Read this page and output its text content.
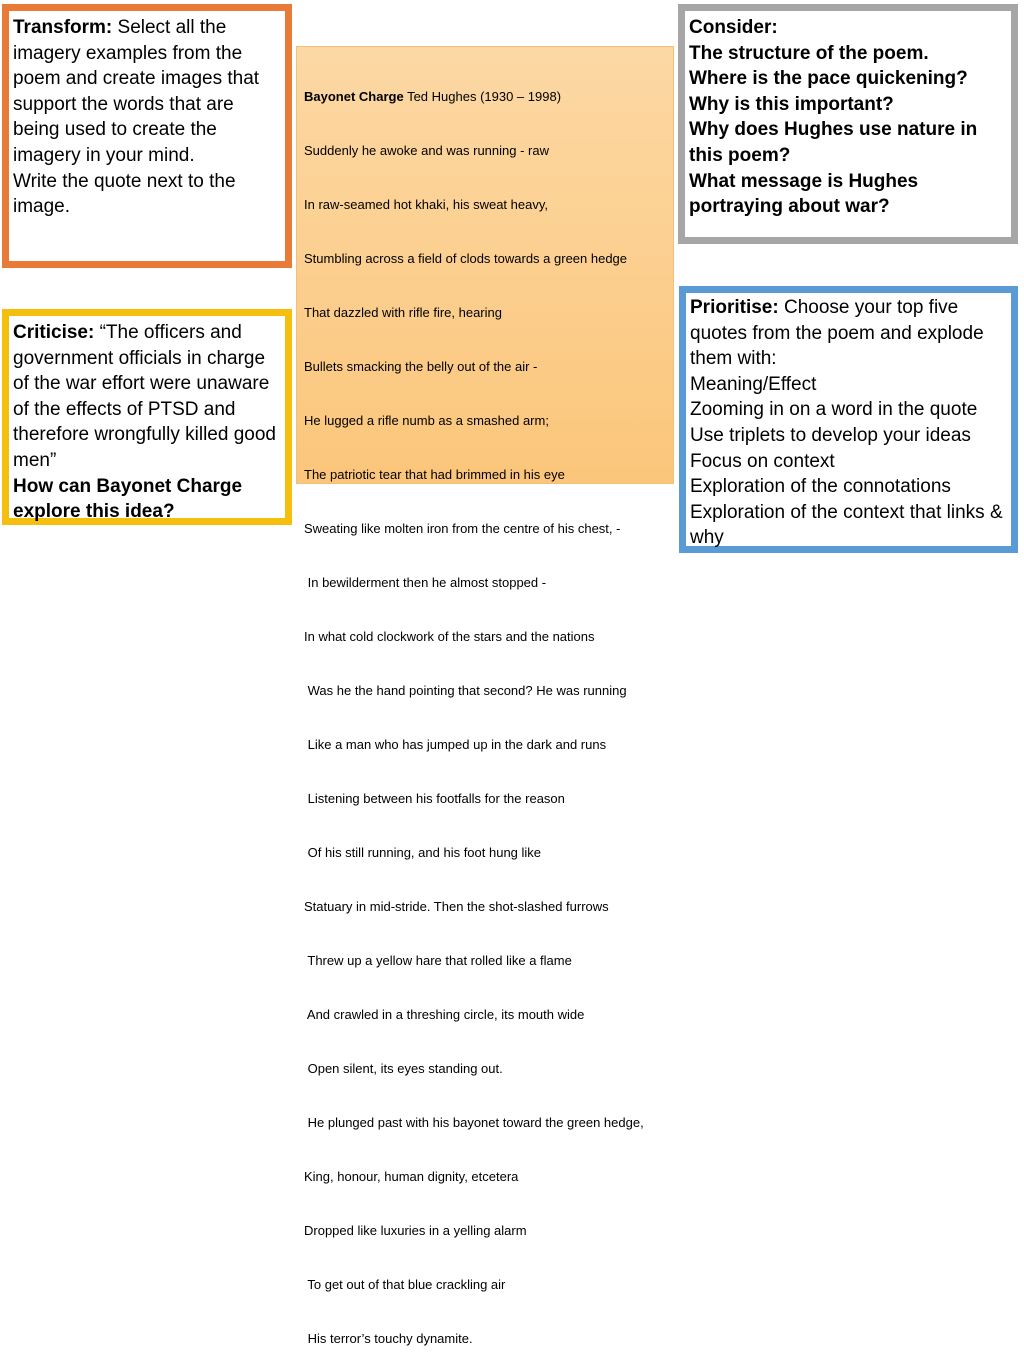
Transform: Select all the imagery examples from the poem and create images that support the words that are being used to create the imagery in your mind.
Write the quote next to the image.

Bayonet Charge Ted Hughes (1930 – 1998)

Suddenly he awoke and was running - raw

In raw-seamed hot khaki, his sweat heavy,

Stumbling across a field of clods towards a green hedge

That dazzled with rifle fire, hearing

Bullets smacking the belly out of the air -

He lugged a rifle numb as a smashed arm;

The patriotic tear that had brimmed in his eye

Sweating like molten iron from the centre of his chest, -

In bewilderment then he almost stopped -

In what cold clockwork of the stars and the nations

Was he the hand pointing that second? He was running

Like a man who has jumped up in the dark and runs

Listening between his footfalls for the reason

Of his still running, and his foot hung like

Statuary in mid-stride. Then the shot-slashed furrows

Threw up a yellow hare that rolled like a flame

And crawled in a threshing circle, its mouth wide

Open silent, its eyes standing out.

He plunged past with his bayonet toward the green hedge,

King, honour, human dignity, etcetera

Dropped like luxuries in a yelling alarm

To get out of that blue crackling air

His terror’s touchy dynamite.

Consider:
The structure of the poem.
Where is the pace quickening?
Why is this important?
Why does Hughes use nature in this poem?
What message is Hughes portraying about war?
Criticise: “The officers and government officials in charge of the war effort were unaware of the effects of PTSD and therefore wrongfully killed good men”
How can Bayonet Charge explore this idea?
Prioritise: Choose your top five quotes from the poem and explode them with:
Meaning/Effect
Zooming in on a word in the quote
Use triplets to develop your ideas
Focus on context
Exploration of the connotations
Exploration of the context that links & why
